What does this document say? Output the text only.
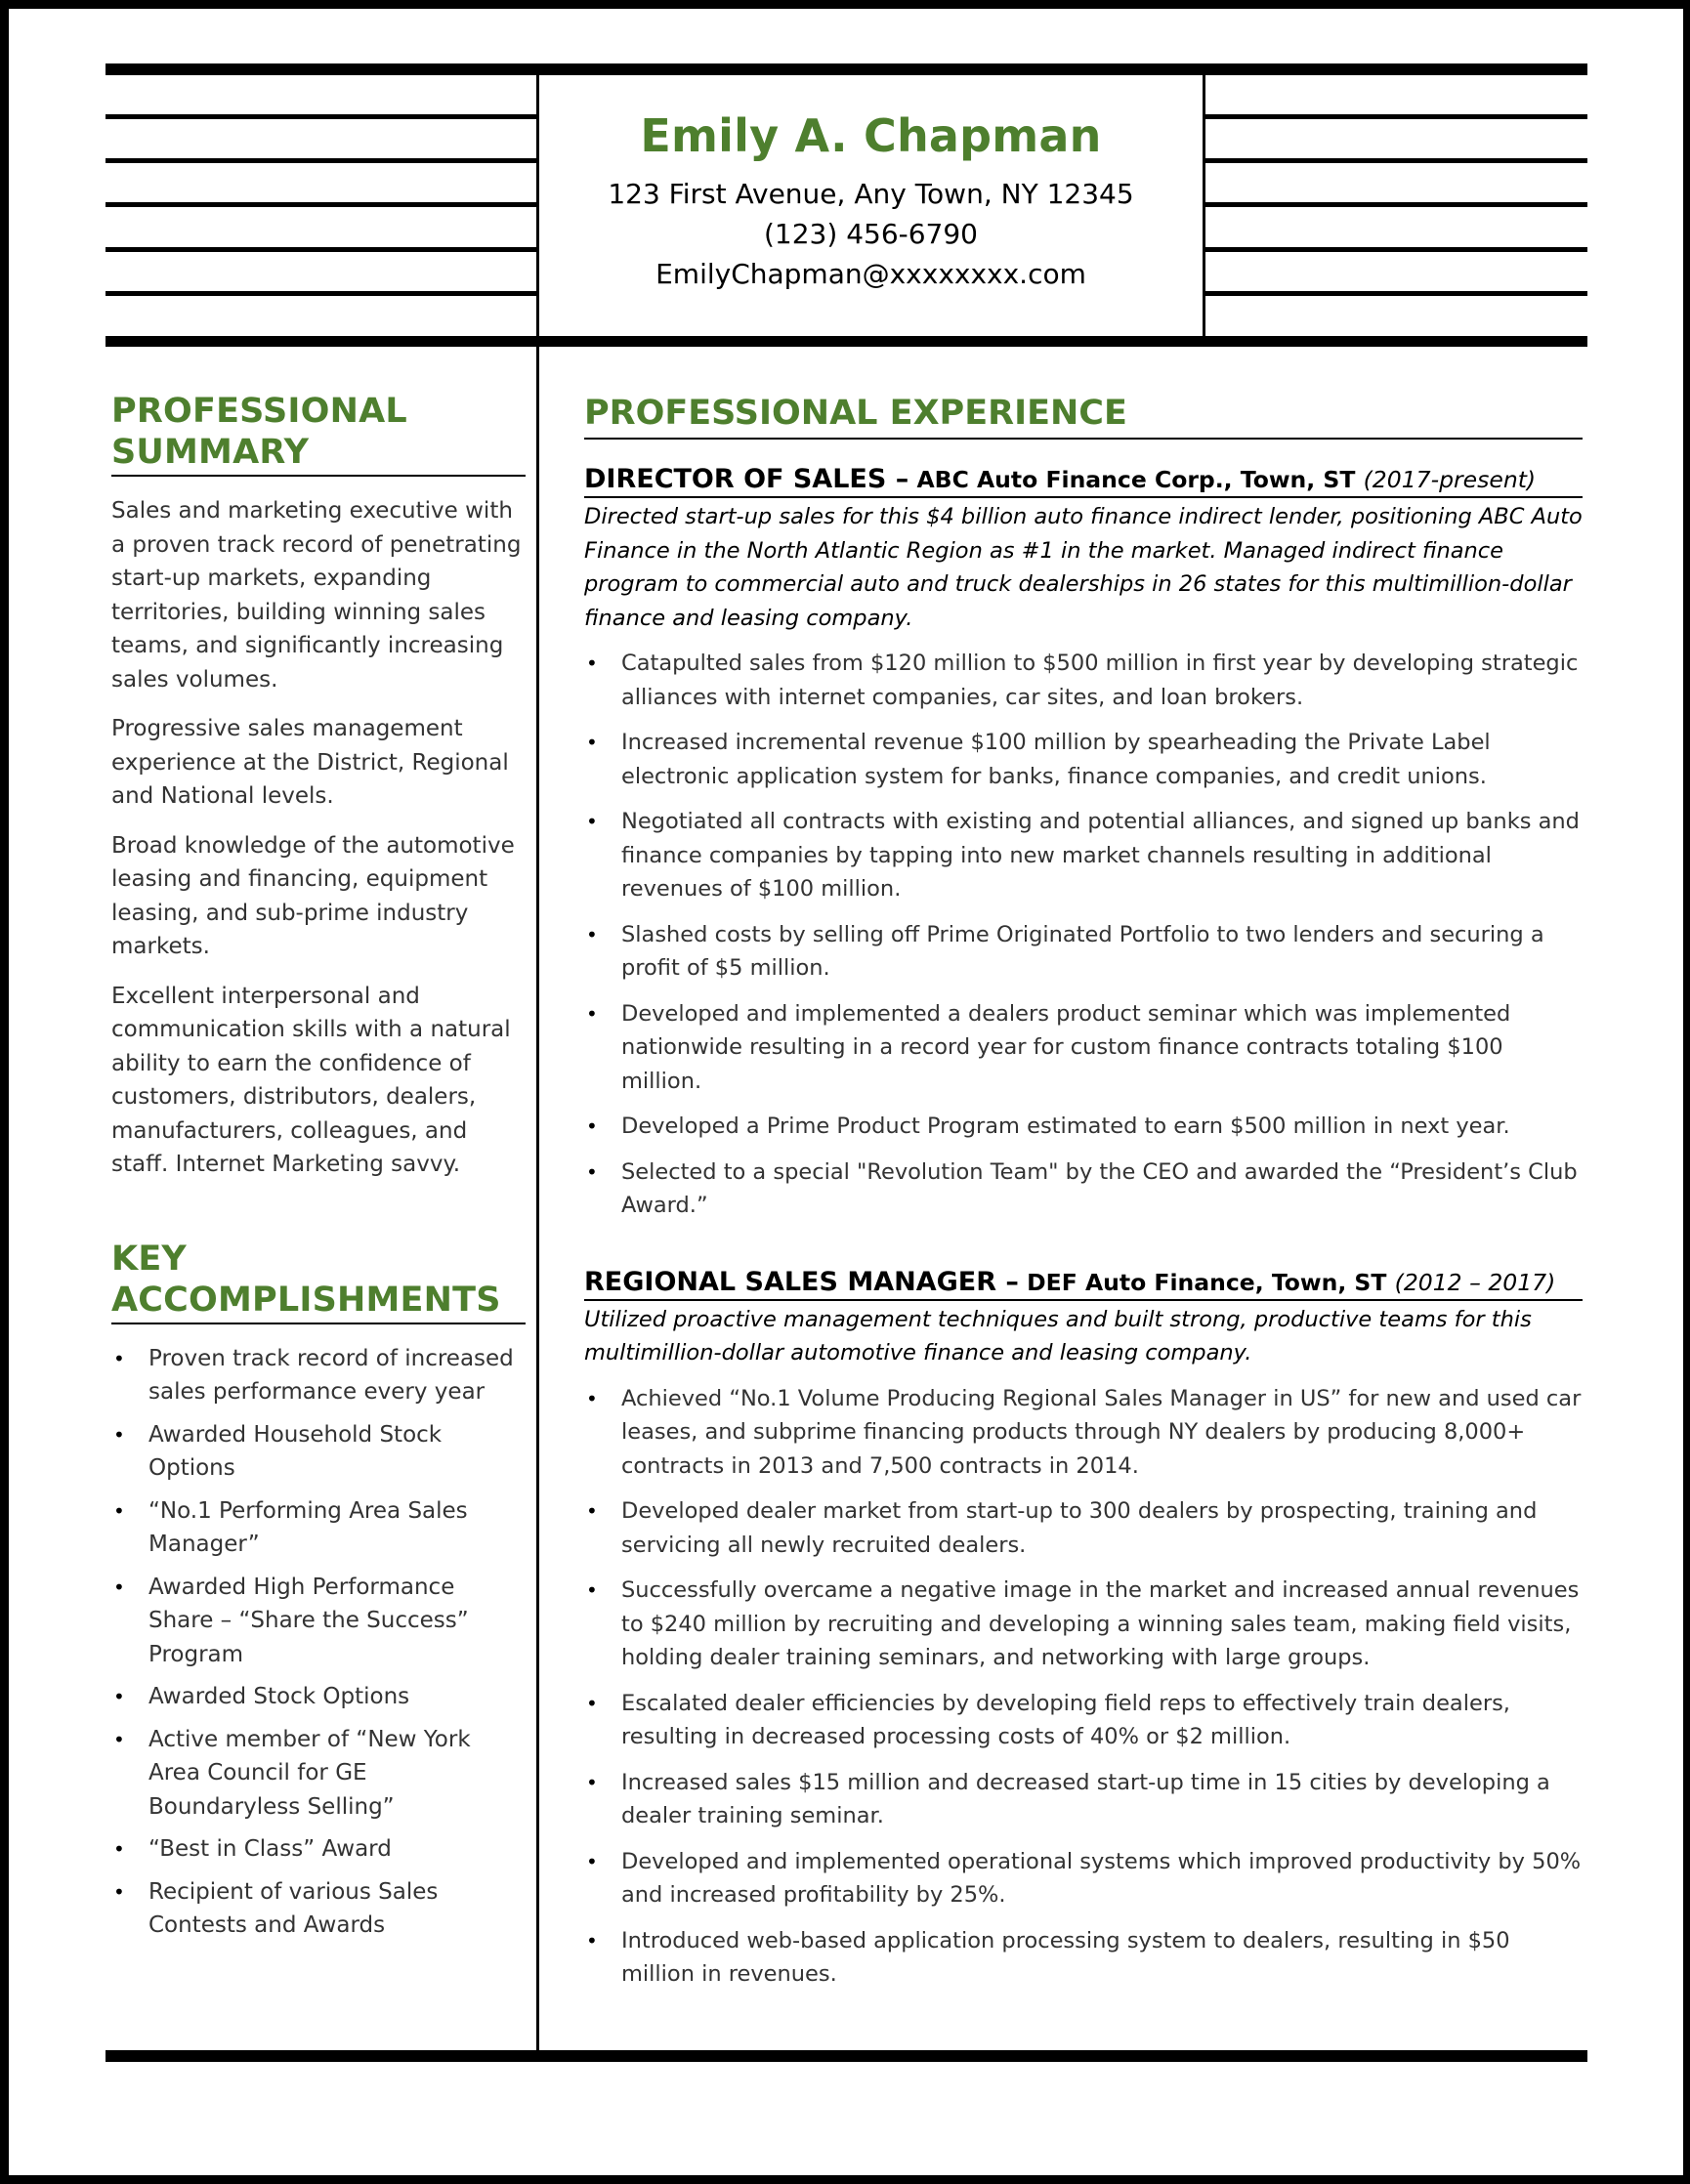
Emily A. Chapman
123 First Avenue, Any Town, NY 12345
(123) 456-6790
EmilyChapman@xxxxxxxx.com
PROFESSIONAL
SUMMARY

Sales and marketing executive with a proven track record of penetrating start-up markets, expanding territories, building winning sales teams, and significantly increasing sales volumes.

Progressive sales management experience at the District, Regional and National levels.

Broad knowledge of the automotive leasing and financing, equipment leasing, and sub-prime industry markets.

Excellent interpersonal and communication skills with a natural ability to earn the confidence of customers, distributors, dealers, manufacturers, colleagues, and staff. Internet Marketing savvy.

KEY
ACCOMPLISHMENTS
• Proven track record of increased sales performance every year
• Awarded Household Stock Options
• “No.1 Performing Area Sales Manager”
• Awarded High Performance Share – “Share the Success” Program
• Awarded Stock Options
• Active member of “New York Area Council for GE Boundaryless Selling”
• “Best in Class” Award
• Recipient of various Sales Contests and Awards
PROFESSIONAL EXPERIENCE
DIRECTOR OF SALES – ABC Auto Finance Corp., Town, ST (2017-present)
Directed start-up sales for this $4 billion auto finance indirect lender, positioning ABC Auto Finance in the North Atlantic Region as #1 in the market. Managed indirect finance program to commercial auto and truck dealerships in 26 states for this multimillion-dollar finance and leasing company.
• Catapulted sales from $120 million to $500 million in first year by developing strategic alliances with internet companies, car sites, and loan brokers.
• Increased incremental revenue $100 million by spearheading the Private Label electronic application system for banks, finance companies, and credit unions.
• Negotiated all contracts with existing and potential alliances, and signed up banks and finance companies by tapping into new market channels resulting in additional revenues of $100 million.
• Slashed costs by selling off Prime Originated Portfolio to two lenders and securing a profit of $5 million.
• Developed and implemented a dealers product seminar which was implemented nationwide resulting in a record year for custom finance contracts totaling $100 million.
• Developed a Prime Product Program estimated to earn $500 million in next year.
• Selected to a special "Revolution Team" by the CEO and awarded the “President’s Club Award.”
REGIONAL SALES MANAGER – DEF Auto Finance, Town, ST (2012 – 2017)
Utilized proactive management techniques and built strong, productive teams for this multimillion-dollar automotive finance and leasing company.
• Achieved “No.1 Volume Producing Regional Sales Manager in US” for new and used car leases, and subprime financing products through NY dealers by producing 8,000+ contracts in 2013 and 7,500 contracts in 2014.
• Developed dealer market from start-up to 300 dealers by prospecting, training and servicing all newly recruited dealers.
• Successfully overcame a negative image in the market and increased annual revenues to $240 million by recruiting and developing a winning sales team, making field visits, holding dealer training seminars, and networking with large groups.
• Escalated dealer efficiencies by developing field reps to effectively train dealers, resulting in decreased processing costs of 40% or $2 million.
• Increased sales $15 million and decreased start-up time in 15 cities by developing a dealer training seminar.
• Developed and implemented operational systems which improved productivity by 50% and increased profitability by 25%.
• Introduced web-based application processing system to dealers, resulting in $50 million in revenues.
